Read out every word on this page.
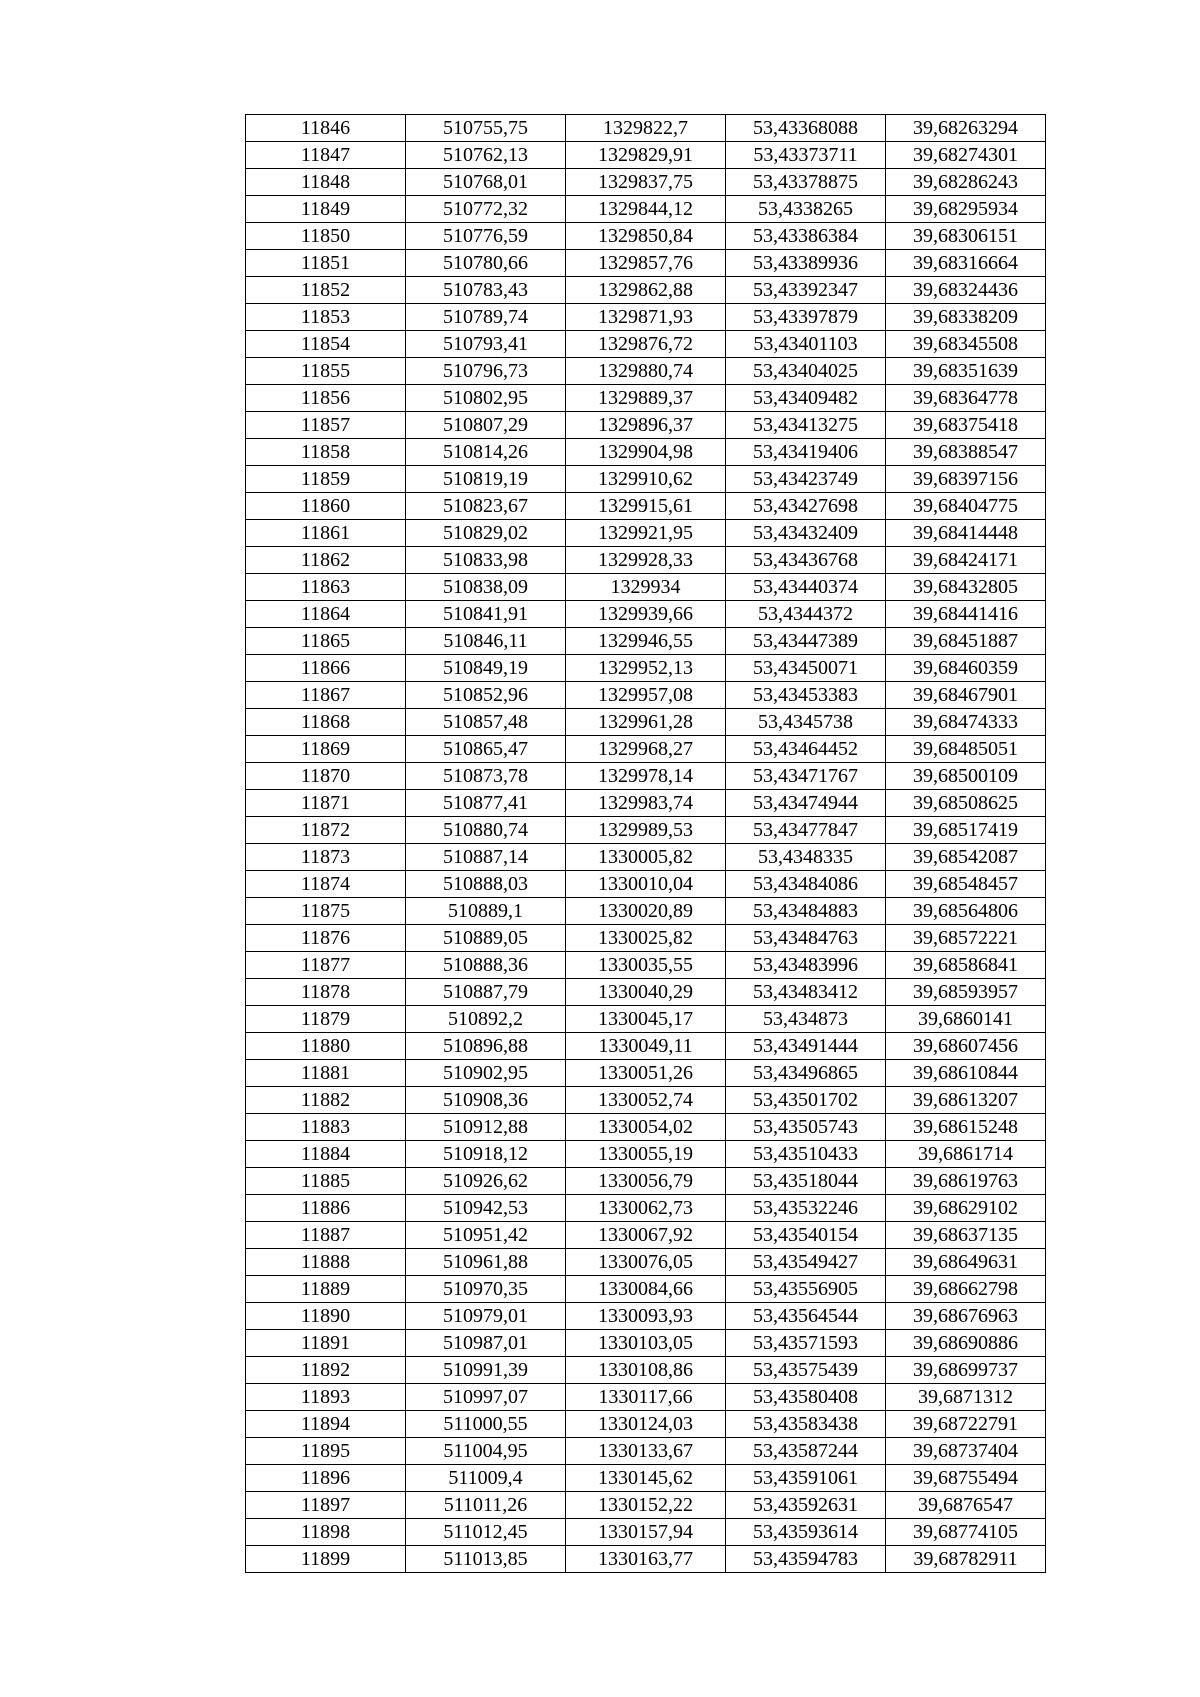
11846	510755,75	1329822,7	53,43368088	39,68263294
11847	510762,13	1329829,91	53,43373711	39,68274301
11848	510768,01	1329837,75	53,43378875	39,68286243
11849	510772,32	1329844,12	53,4338265	39,68295934
11850	510776,59	1329850,84	53,43386384	39,68306151
11851	510780,66	1329857,76	53,43389936	39,68316664
11852	510783,43	1329862,88	53,43392347	39,68324436
11853	510789,74	1329871,93	53,43397879	39,68338209
11854	510793,41	1329876,72	53,43401103	39,68345508
11855	510796,73	1329880,74	53,43404025	39,68351639
11856	510802,95	1329889,37	53,43409482	39,68364778
11857	510807,29	1329896,37	53,43413275	39,68375418
11858	510814,26	1329904,98	53,43419406	39,68388547
11859	510819,19	1329910,62	53,43423749	39,68397156
11860	510823,67	1329915,61	53,43427698	39,68404775
11861	510829,02	1329921,95	53,43432409	39,68414448
11862	510833,98	1329928,33	53,43436768	39,68424171
11863	510838,09	1329934	53,43440374	39,68432805
11864	510841,91	1329939,66	53,4344372	39,68441416
11865	510846,11	1329946,55	53,43447389	39,68451887
11866	510849,19	1329952,13	53,43450071	39,68460359
11867	510852,96	1329957,08	53,43453383	39,68467901
11868	510857,48	1329961,28	53,4345738	39,68474333
11869	510865,47	1329968,27	53,43464452	39,68485051
11870	510873,78	1329978,14	53,43471767	39,68500109
11871	510877,41	1329983,74	53,43474944	39,68508625
11872	510880,74	1329989,53	53,43477847	39,68517419
11873	510887,14	1330005,82	53,4348335	39,68542087
11874	510888,03	1330010,04	53,43484086	39,68548457
11875	510889,1	1330020,89	53,43484883	39,68564806
11876	510889,05	1330025,82	53,43484763	39,68572221
11877	510888,36	1330035,55	53,43483996	39,68586841
11878	510887,79	1330040,29	53,43483412	39,68593957
11879	510892,2	1330045,17	53,434873	39,6860141
11880	510896,88	1330049,11	53,43491444	39,68607456
11881	510902,95	1330051,26	53,43496865	39,68610844
11882	510908,36	1330052,74	53,43501702	39,68613207
11883	510912,88	1330054,02	53,43505743	39,68615248
11884	510918,12	1330055,19	53,43510433	39,6861714
11885	510926,62	1330056,79	53,43518044	39,68619763
11886	510942,53	1330062,73	53,43532246	39,68629102
11887	510951,42	1330067,92	53,43540154	39,68637135
11888	510961,88	1330076,05	53,43549427	39,68649631
11889	510970,35	1330084,66	53,43556905	39,68662798
11890	510979,01	1330093,93	53,43564544	39,68676963
11891	510987,01	1330103,05	53,43571593	39,68690886
11892	510991,39	1330108,86	53,43575439	39,68699737
11893	510997,07	1330117,66	53,43580408	39,6871312
11894	511000,55	1330124,03	53,43583438	39,68722791
11895	511004,95	1330133,67	53,43587244	39,68737404
11896	511009,4	1330145,62	53,43591061	39,68755494
11897	511011,26	1330152,22	53,43592631	39,6876547
11898	511012,45	1330157,94	53,43593614	39,68774105
11899	511013,85	1330163,77	53,43594783	39,68782911
